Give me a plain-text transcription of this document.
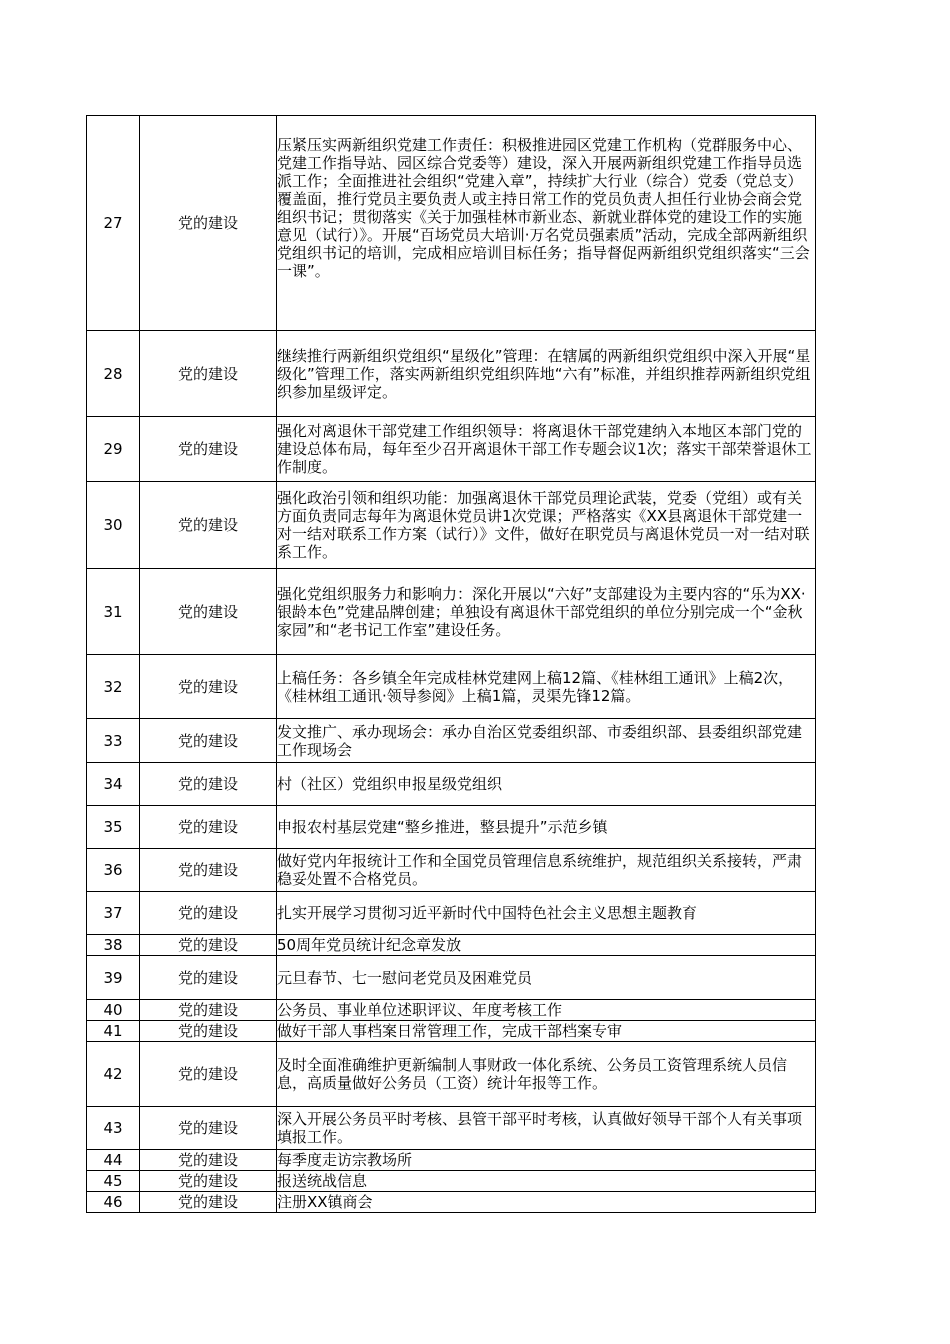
27	党的建设	压紧压实两新组织党建工作责任：积极推进园区党建工作机构（党群服务中心、党建工作指导站、园区综合党委等）建设，深入开展两新组织党建工作指导员选派工作；全面推进社会组织“党建入章”，持续扩大行业（综合）党委（党总支）覆盖面，推行党员主要负责人或主持日常工作的党员负责人担任行业协会商会党组织书记；贯彻落实《关于加强桂林市新业态、新就业群体党的建设工作的实施意见（试行）》。开展“百场党员大培训·万名党员强素质”活动，完成全部两新组织党组织书记的培训，完成相应培训目标任务；指导督促两新组织党组织落实“三会一课”。
28	党的建设	继续推行两新组织党组织“星级化”管理：在辖属的两新组织党组织中深入开展“星级化”管理工作，落实两新组织党组织阵地“六有”标准，并组织推荐两新组织党组织参加星级评定。
29	党的建设	强化对离退休干部党建工作组织领导：将离退休干部党建纳入本地区本部门党的建设总体布局，每年至少召开离退休干部工作专题会议1次；落实干部荣誉退休工作制度。
30	党的建设	强化政治引领和组织功能：加强离退休干部党员理论武装，党委（党组）或有关方面负责同志每年为离退休党员讲1次党课；严格落实《XX县离退休干部党建一对一结对联系工作方案（试行）》文件，做好在职党员与离退休党员一对一结对联系工作。
31	党的建设	强化党组织服务力和影响力：深化开展以“六好”支部建设为主要内容的“乐为XX·银龄本色”党建品牌创建；单独设有离退休干部党组织的单位分别完成一个“金秋家园”和“老书记工作室”建设任务。
32	党的建设	上稿任务：各乡镇全年完成桂林党建网上稿12篇、《桂林组工通讯》上稿2次，《桂林组工通讯·领导参阅》上稿1篇，灵渠先锋12篇。
33	党的建设	发文推广、承办现场会：承办自治区党委组织部、市委组织部、县委组织部党建工作现场会
34	党的建设	村（社区）党组织申报星级党组织
35	党的建设	申报农村基层党建“整乡推进，整县提升”示范乡镇
36	党的建设	做好党内年报统计工作和全国党员管理信息系统维护，规范组织关系接转，严肃稳妥处置不合格党员。
37	党的建设	扎实开展学习贯彻习近平新时代中国特色社会主义思想主题教育
38	党的建设	50周年党员统计纪念章发放
39	党的建设	元旦春节、七一慰问老党员及困难党员
40	党的建设	公务员、事业单位述职评议、年度考核工作
41	党的建设	做好干部人事档案日常管理工作，完成干部档案专审
42	党的建设	及时全面准确维护更新编制人事财政一体化系统、公务员工资管理系统人员信息，高质量做好公务员（工资）统计年报等工作。
43	党的建设	深入开展公务员平时考核、县管干部平时考核，认真做好领导干部个人有关事项填报工作。
44	党的建设	每季度走访宗教场所
45	党的建设	报送统战信息
46	党的建设	注册XX镇商会
